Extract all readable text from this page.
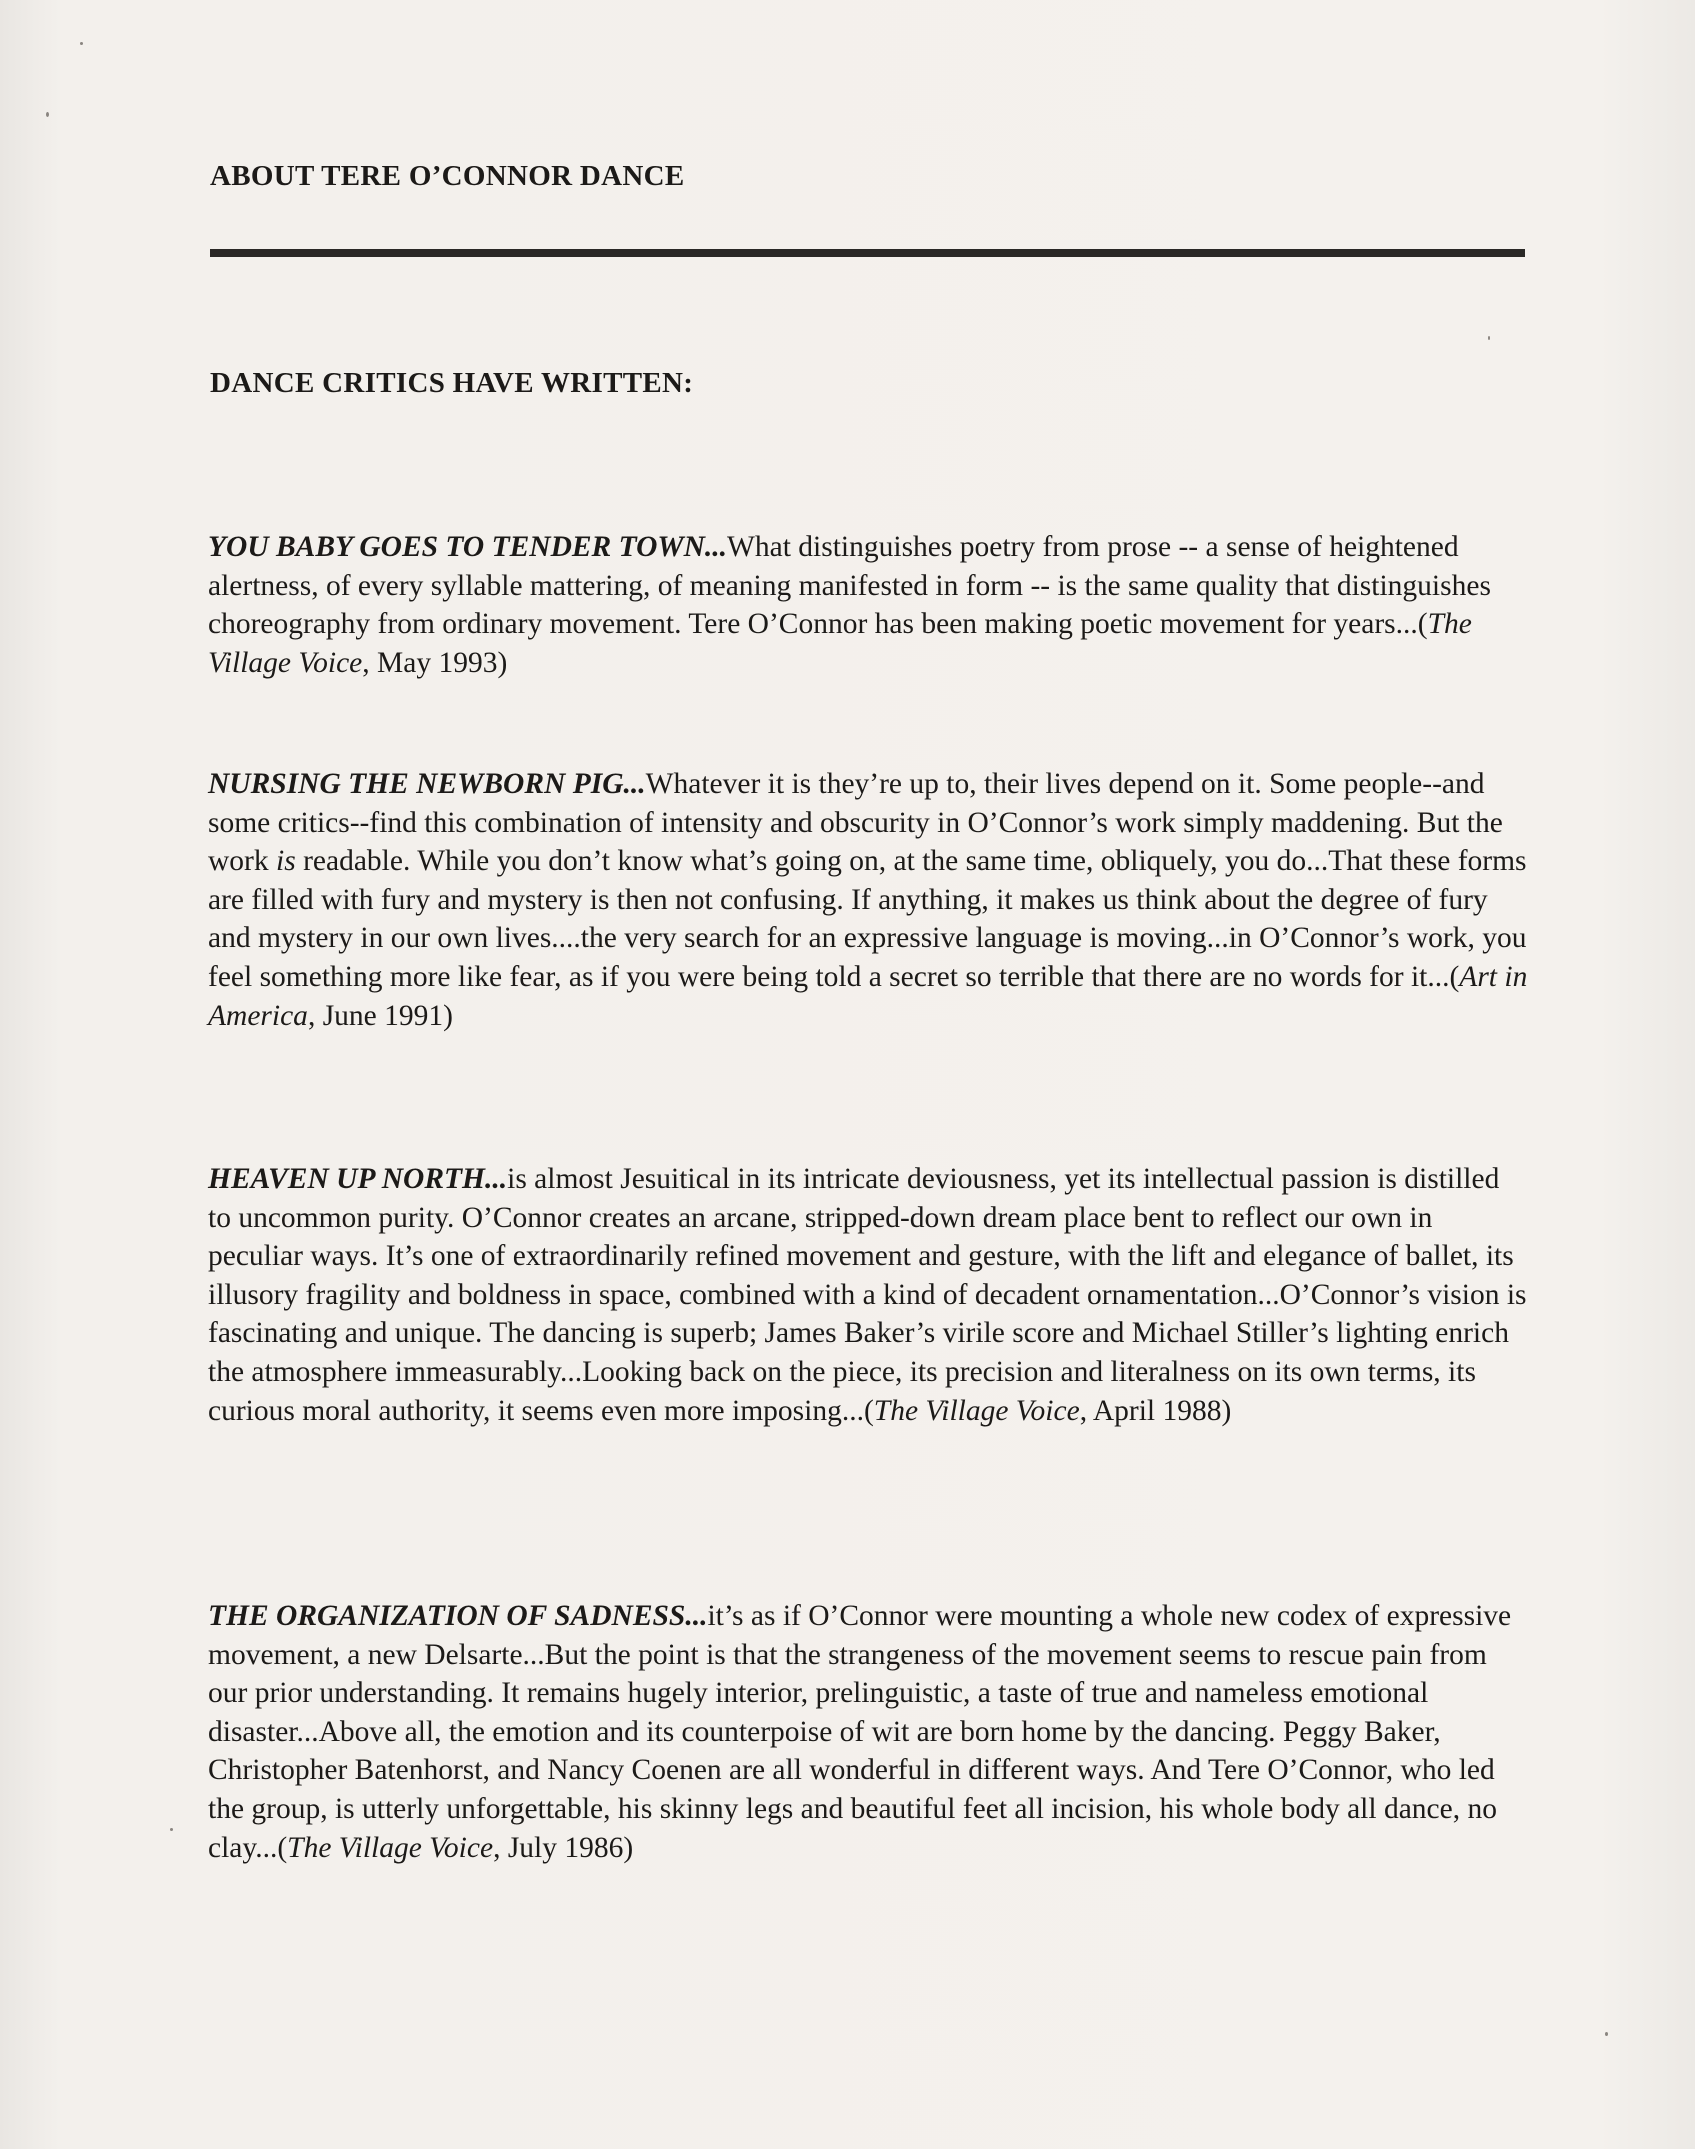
ABOUT TERE O’CONNOR DANCE
DANCE CRITICS HAVE WRITTEN:

YOU BABY GOES TO TENDER TOWN...What distinguishes poetry from prose -- a sense of heightened alertness, of every syllable mattering, of meaning manifested in form -- is the same quality that distinguishes choreography from ordinary movement. Tere O’Connor has been making poetic movement for years...(The Village Voice, May 1993)

NURSING THE NEWBORN PIG...Whatever it is they’re up to, their lives depend on it. Some people--and some critics--find this combination of intensity and obscurity in O’Connor’s work simply maddening. But the work is readable. While you don’t know what’s going on, at the same time, obliquely, you do...That these forms are filled with fury and mystery is then not confusing. If anything, it makes us think about the degree of fury and mystery in our own lives....the very search for an expressive language is moving...in O’Connor’s work, you feel something more like fear, as if you were being told a secret so terrible that there are no words for it...(Art in America, June 1991)

HEAVEN UP NORTH...is almost Jesuitical in its intricate deviousness, yet its intellectual passion is distilled to uncommon purity. O’Connor creates an arcane, stripped-down dream place bent to reflect our own in peculiar ways. It’s one of extraordinarily refined movement and gesture, with the lift and elegance of ballet, its illusory fragility and boldness in space, combined with a kind of decadent ornamentation...O’Connor’s vision is fascinating and unique. The dancing is superb; James Baker’s virile score and Michael Stiller’s lighting enrich the atmosphere immeasurably...Looking back on the piece, its precision and literalness on its own terms, its curious moral authority, it seems even more imposing...(The Village Voice, April 1988)

THE ORGANIZATION OF SADNESS...it’s as if O’Connor were mounting a whole new codex of expressive movement, a new Delsarte...But the point is that the strangeness of the movement seems to rescue pain from our prior understanding. It remains hugely interior, prelinguistic, a taste of true and nameless emotional disaster...Above all, the emotion and its counterpoise of wit are born home by the dancing. Peggy Baker, Christopher Batenhorst, and Nancy Coenen are all wonderful in different ways. And Tere O’Connor, who led the group, is utterly unforgettable, his skinny legs and beautiful feet all incision, his whole body all dance, no clay...(The Village Voice, July 1986)
